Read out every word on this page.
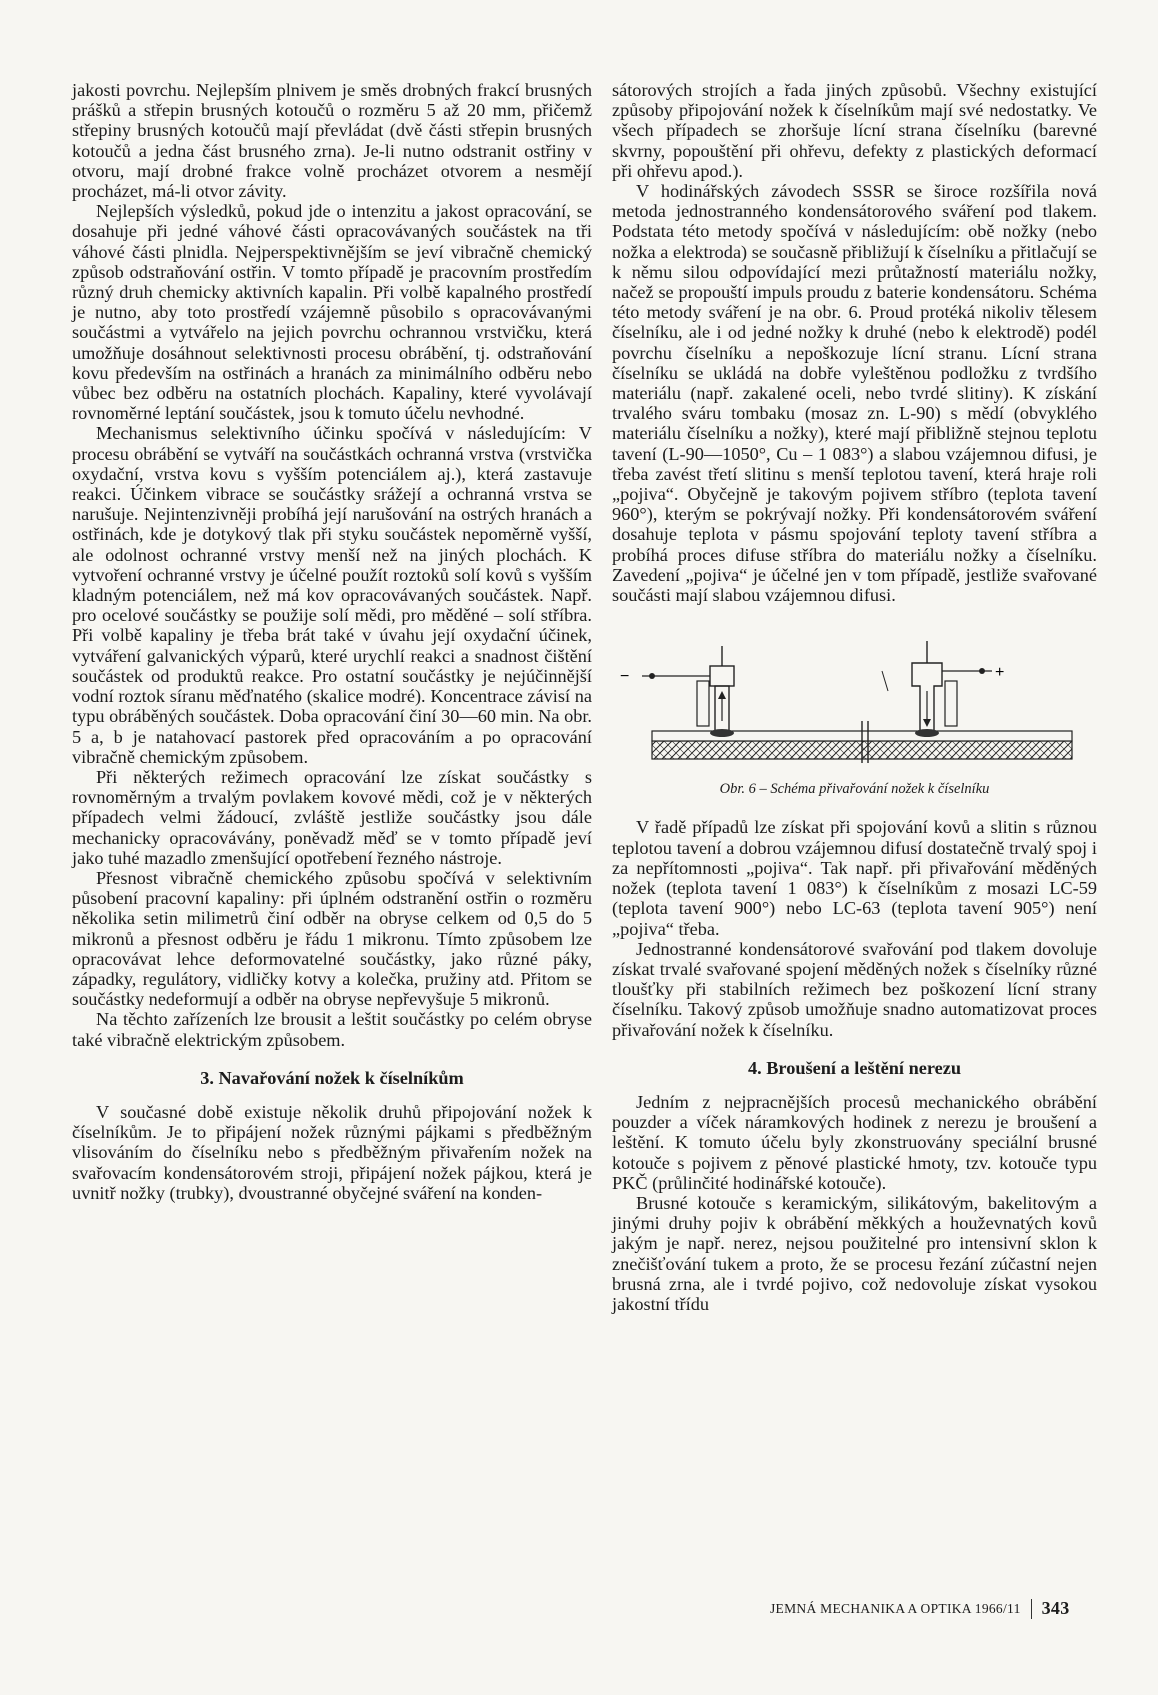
jakosti povrchu. Nejlepším plnivem je směs drobných frakcí brusných prášků a střepin brusných kotoučů o rozměru 5 až 20 mm, přičemž střepiny brusných kotoučů mají převládat (dvě části střepin brusných kotoučů a jedna část brusného zrna). Je-li nutno odstranit ostřiny v otvoru, mají drobné frakce volně procházet otvorem a nesmějí procházet, má-li otvor závity.

Nejlepších výsledků, pokud jde o intenzitu a jakost opracování, se dosahuje při jedné váhové části opracovávaných součástek na tři váhové části plnidla. Nejperspektivnějším se jeví vibračně chemický způsob odstraňování ostřin. V tomto případě je pracovním prostředím různý druh chemicky aktivních kapalin. Při volbě kapalného prostředí je nutno, aby toto prostředí vzájemně působilo s opracovávanými součástmi a vytvářelo na jejich povrchu ochrannou vrstvičku, která umožňuje dosáhnout selektivnosti procesu obrábění, tj. odstraňování kovu především na ostřinách a hranách za minimálního odběru nebo vůbec bez odběru na ostatních plochách. Kapaliny, které vyvolávají rovnoměrné leptání součástek, jsou k tomuto účelu nevhodné.

Mechanismus selektivního účinku spočívá v následujícím: V procesu obrábění se vytváří na součástkách ochranná vrstva (vrstvička oxydační, vrstva kovu s vyšším potenciálem aj.), která zastavuje reakci. Účinkem vibrace se součástky srážejí a ochranná vrstva se narušuje. Nejintenzivněji probíhá její narušování na ostrých hranách a ostřinách, kde je dotykový tlak při styku součástek nepoměrně vyšší, ale odolnost ochranné vrstvy menší než na jiných plochách. K vytvoření ochranné vrstvy je účelné použít roztoků solí kovů s vyšším kladným potenciálem, než má kov opracovávaných součástek. Např. pro ocelové součástky se použije solí mědi, pro měděné – solí stříbra. Při volbě kapaliny je třeba brát také v úvahu její oxydační účinek, vytváření galvanických výparů, které urychlí reakci a snadnost čištění součástek od produktů reakce. Pro ostatní součástky je nejúčinnější vodní roztok síranu měďnatého (skalice modré). Koncentrace závisí na typu obráběných součástek. Doba opracování činí 30—60 min. Na obr. 5 a, b je natahovací pastorek před opracováním a po opracování vibračně chemickým způsobem.

Při některých režimech opracování lze získat součástky s rovnoměrným a trvalým povlakem kovové mědi, což je v některých případech velmi žádoucí, zvláště jestliže součástky jsou dále mechanicky opracovávány, poněvadž měď se v tomto případě jeví jako tuhé mazadlo zmenšující opotřebení řezného nástroje.

Přesnost vibračně chemického způsobu spočívá v selektivním působení pracovní kapaliny: při úplném odstranění ostřin o rozměru několika setin milimetrů činí odběr na obryse celkem od 0,5 do 5 mikronů a přesnost odběru je řádu 1 mikronu. Tímto způsobem lze opracovávat lehce deformovatelné součástky, jako různé páky, západky, regulátory, vidličky kotvy a kolečka, pružiny atd. Přitom se součástky nedeformují a odběr na obryse nepřevyšuje 5 mikronů.

Na těchto zařízeních lze brousit a leštit součástky po celém obryse také vibračně elektrickým způsobem.

3. Navařování nožek k číselníkům

V současné době existuje několik druhů připojování nožek k číselníkům. Je to připájení nožek různými pájkami s předběžným vlisováním do číselníku nebo s předběžným přivařením nožek na svařovacím kondensátorovém stroji, připájení nožek pájkou, která je uvnitř nožky (trubky), dvoustranné obyčejné sváření na konden-

sátorových strojích a řada jiných způsobů. Všechny existující způsoby připojování nožek k číselníkům mají své nedostatky. Ve všech případech se zhoršuje lícní strana číselníku (barevné skvrny, popouštění při ohřevu, defekty z plastických deformací při ohřevu apod.).

V hodinářských závodech SSSR se široce rozšířila nová metoda jednostranného kondensátorového sváření pod tlakem. Podstata této metody spočívá v následujícím: obě nožky (nebo nožka a elektroda) se současně přibližují k číselníku a přitlačují se k němu silou odpovídající mezi průtažností materiálu nožky, načež se propouští impuls proudu z baterie kondensátoru. Schéma této metody sváření je na obr. 6. Proud protéká nikoliv tělesem číselníku, ale i od jedné nožky k druhé (nebo k elektrodě) podél povrchu číselníku a nepoškozuje lícní stranu. Lícní strana číselníku se ukládá na dobře vyleštěnou podložku z tvrdšího materiálu (např. zakalené oceli, nebo tvrdé slitiny). K získání trvalého sváru tombaku (mosaz zn. L-90) s mědí (obvyklého materiálu číselníku a nožky), které mají přibližně stejnou teplotu tavení (L-90—1050°, Cu – 1 083°) a slabou vzájemnou difusi, je třeba zavést třetí slitinu s menší teplotou tavení, která hraje roli „pojiva“. Obyčejně je takovým pojivem stříbro (teplota tavení 960°), kterým se pokrývají nožky. Při kondensátorovém sváření dosahuje teplota v pásmu spojování teploty tavení stříbra a probíhá proces difuse stříbra do materiálu nožky a číselníku. Zavedení „pojiva“ je účelné jen v tom případě, jestliže svařované součásti mají slabou vzájemnou difusi.

−	+
Obr. 6 – Schéma přivařování nožek k číselníku

V řadě případů lze získat při spojování kovů a slitin s různou teplotou tavení a dobrou vzájemnou difusí dostatečně trvalý spoj i za nepřítomnosti „pojiva“. Tak např. při přivařování měděných nožek (teplota tavení 1 083°) k číselníkům z mosazi LC-59 (teplota tavení 900°) nebo LC-63 (teplota tavení 905°) není „pojiva“ třeba.

Jednostranné kondensátorové svařování pod tlakem dovoluje získat trvalé svařované spojení měděných nožek s číselníky různé tloušťky při stabilních režimech bez poškození lícní strany číselníku. Takový způsob umožňuje snadno automatizovat proces přivařování nožek k číselníku.

4. Broušení a leštění nerezu

Jedním z nejpracnějších procesů mechanického obrábění pouzder a víček náramkových hodinek z nerezu je broušení a leštění. K tomuto účelu byly zkonstruovány speciální brusné kotouče s pojivem z pěnové plastické hmoty, tzv. kotouče typu PKČ (průlinčité hodinářské kotouče).

Brusné kotouče s keramickým, silikátovým, bakelitovým a jinými druhy pojiv k obrábění měkkých a houževnatých kovů jakým je např. nerez, nejsou použitelné pro intensivní sklon k znečišťování tukem a proto, že se procesu řezání zúčastní nejen brusná zrna, ale i tvrdé pojivo, což nedovoluje získat vysokou jakostní třídu

JEMNÁ MECHANIKA A OPTIKA 1966/11 343
